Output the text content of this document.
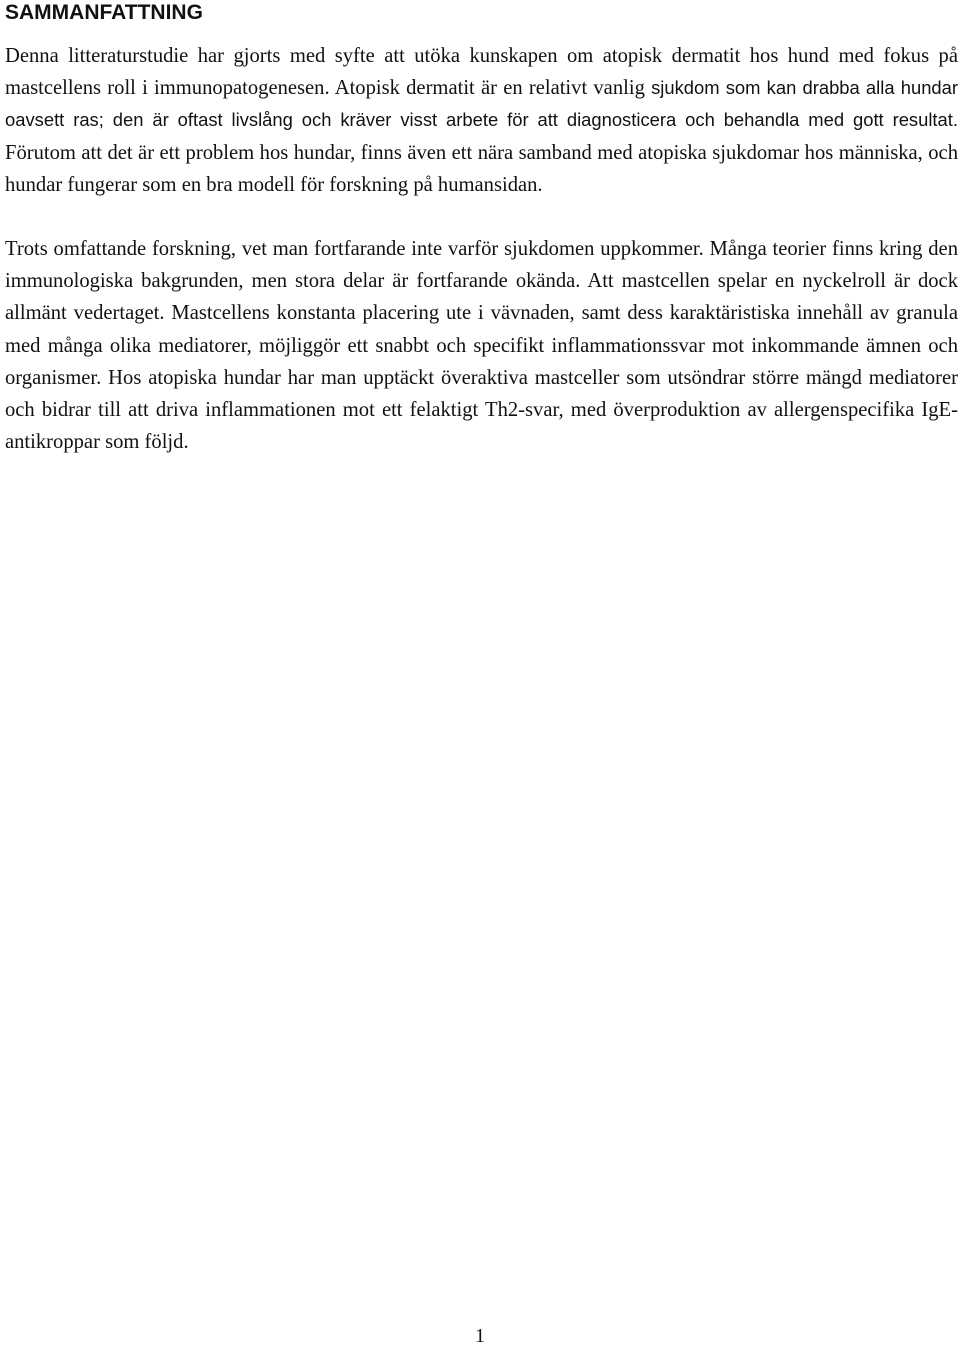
SAMMANFATTNING

Denna litteraturstudie har gjorts med syfte att utöka kunskapen om atopisk dermatit hos hund med fokus på mastcellens roll i immunopatogenesen. Atopisk dermatit är en relativt vanlig sjukdom som kan drabba alla hundar oavsett ras; den är oftast livslång och kräver visst arbete för att diagnosticera och behandla med gott resultat. Förutom att det är ett problem hos hundar, finns även ett nära samband med atopiska sjukdomar hos människa, och hundar fungerar som en bra modell för forskning på humansidan.

Trots omfattande forskning, vet man fortfarande inte varför sjukdomen uppkommer. Många teorier finns kring den immunologiska bakgrunden, men stora delar är fortfarande okända. Att mastcellen spelar en nyckelroll är dock allmänt vedertaget. Mastcellens konstanta placering ute i vävnaden, samt dess karaktäristiska innehåll av granula med många olika mediatorer, möjliggör ett snabbt och specifikt inflammationssvar mot inkommande ämnen och organismer. Hos atopiska hundar har man upptäckt överaktiva mastceller som utsöndrar större mängd mediatorer och bidrar till att driva inflammationen mot ett felaktigt Th2-svar, med överproduktion av allergenspecifika IgE-antikroppar som följd.

1
